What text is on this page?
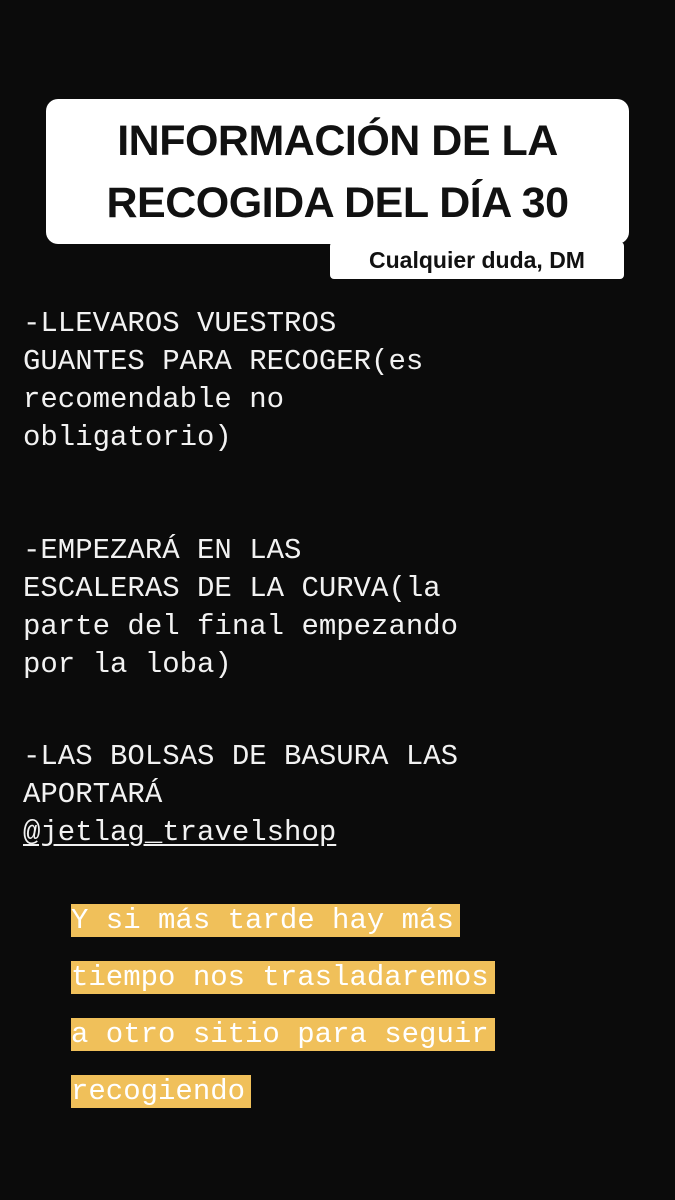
INFORMACIÓN DE LA
RECOGIDA DEL DÍA 30
Cualquier duda, DM
-LLEVAROS VUESTROS
GUANTES PARA RECOGER(es
recomendable no
obligatorio)
-EMPEZARÁ EN LAS
ESCALERAS DE LA CURVA(la
parte del final empezando
por la loba)
-LAS BOLSAS DE BASURA LAS
APORTARÁ
@jetlag_travelshop
Y si más tarde hay más
tiempo nos trasladaremos
a otro sitio para seguir
recogiendo
